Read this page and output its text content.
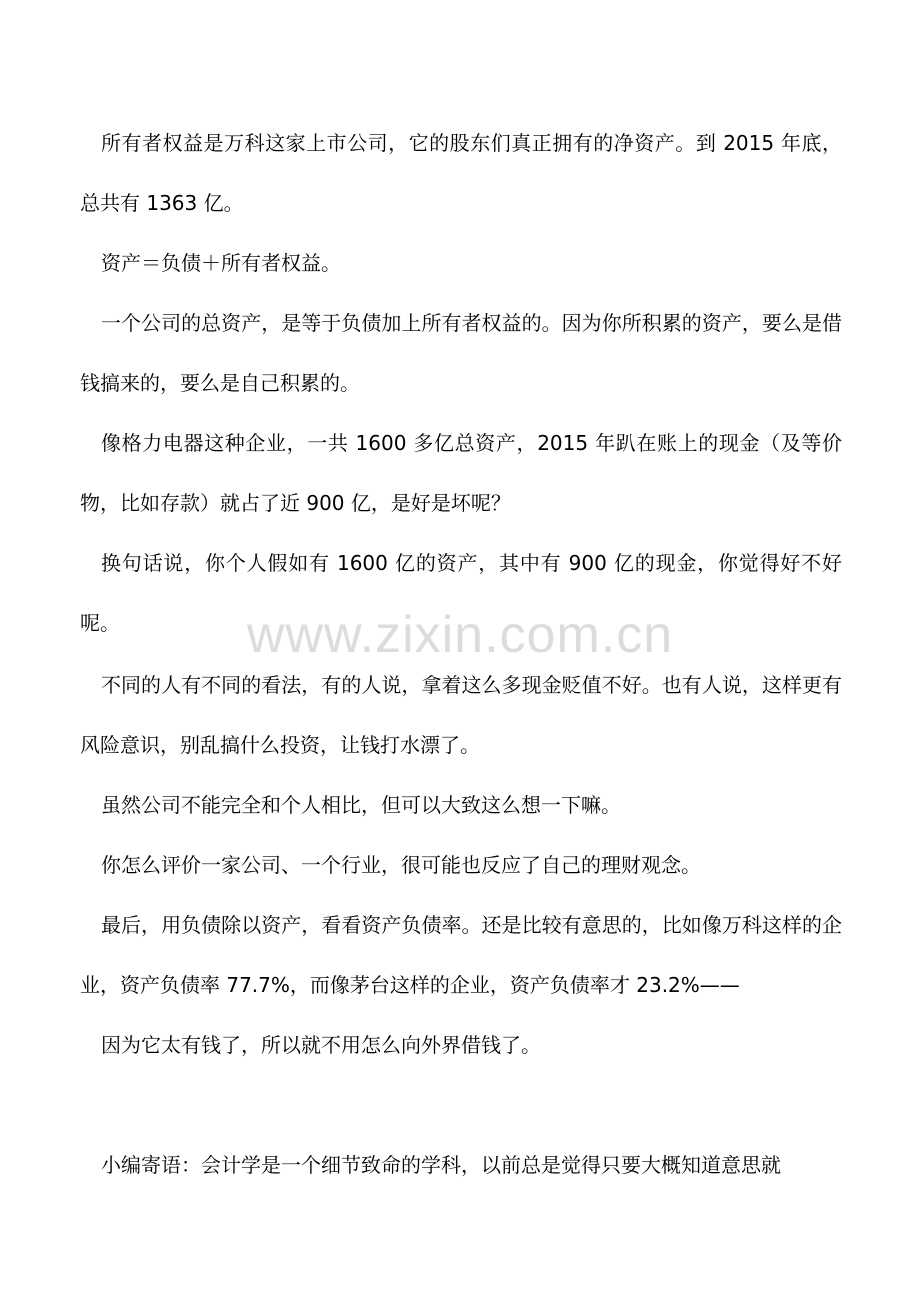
所有者权益是万科这家上市公司，它的股东们真正拥有的净资产。到 2015 年底，总共有 1363 亿。

资产＝负债＋所有者权益。

一个公司的总资产，是等于负债加上所有者权益的。因为你所积累的资产，要么是借钱搞来的，要么是自己积累的。

像格力电器这种企业，一共 1600 多亿总资产，2015 年趴在账上的现金（及等价物，比如存款）就占了近 900 亿，是好是坏呢？

换句话说，你个人假如有 1600 亿的资产，其中有 900 亿的现金，你觉得好不好呢。

不同的人有不同的看法，有的人说，拿着这么多现金贬值不好。也有人说，这样更有风险意识，别乱搞什么投资，让钱打水漂了。

虽然公司不能完全和个人相比，但可以大致这么想一下嘛。

你怎么评价一家公司、一个行业，很可能也反应了自己的理财观念。

最后，用负债除以资产，看看资产负债率。还是比较有意思的，比如像万科这样的企业，资产负债率 77.7%，而像茅台这样的企业，资产负债率才 23.2%——

因为它太有钱了，所以就不用怎么向外界借钱了。

小编寄语：会计学是一个细节致命的学科，以前总是觉得只要大概知道意思就

www.zixin.com.cn
